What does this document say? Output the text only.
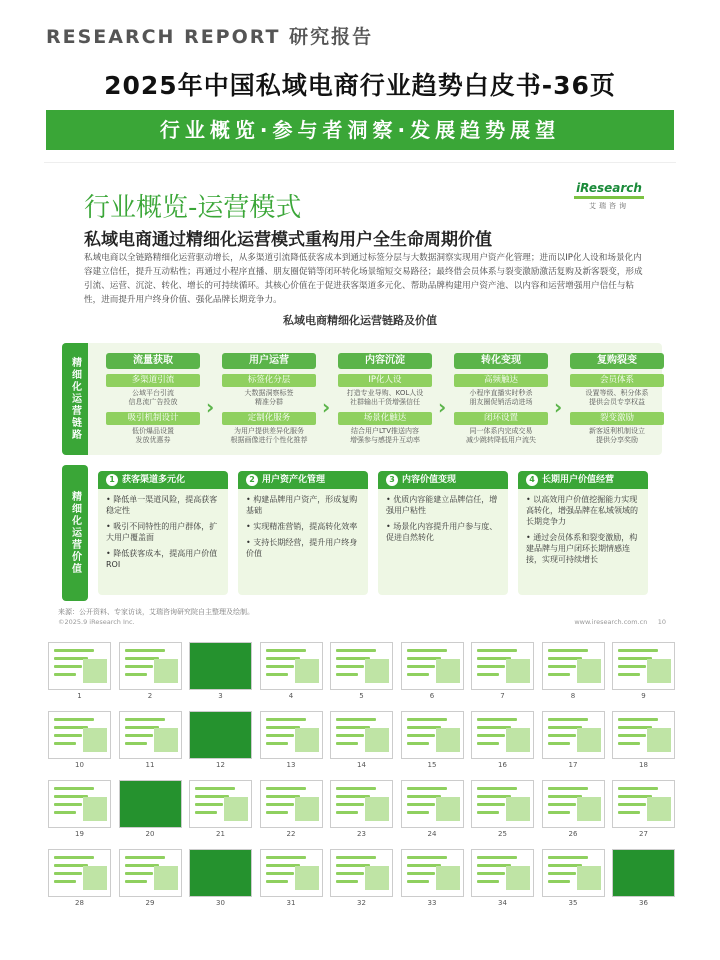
RESEARCH REPORT 研究报告
2025年中国私域电商行业趋势白皮书-36页
行业概览·参与者洞察·发展趋势展望
行业概览-运营模式
iResearch
艾瑞咨询
私域电商通过精细化运营模式重构用户全生命周期价值
私域电商以全链路精细化运营驱动增长，从多渠道引流降低获客成本到通过标签分层与大数据洞察实现用户资产化管理；进而以IP化人设和场景化内容建立信任，提升互动粘性；再通过小程序直播、朋友圈促销等闭环转化场景缩短交易路径；最终借会员体系与裂变激励激活复购及新客裂变，形成引流、运营、沉淀、转化、增长的可持续循环。其核心价值在于促进获客渠道多元化、帮助品牌构建用户资产池、以内容和运营增强用户信任与粘性，进而提升用户终身价值、强化品牌长期竞争力。
私域电商精细化运营链路及价值
精细化运营链路	流量获取
多渠道引流
公域平台引流
信息流广告投放
吸引机制设计
低价爆品设置
发放优惠券
›
用户运营
标签化分层
大数据洞察标签
精准分群
定制化服务
为用户提供差异化服务
根据画像进行个性化推荐
›
内容沉淀
IP化人设
打造专业导购、KOL人设
社群输出干货增强信任
场景化触达
结合用户LTV推送内容
增强参与感提升互动率
›
转化变现
高频触达
小程序直播实时秒杀
朋友圈促销活动进场
闭环设置
同一体系内完成交易
减少跳转降低用户流失
›
复购裂变
会员体系
设置等级、积分体系
提供会员专享权益
裂变激励
新客返利机制设立
提供分享奖励
精细化运营价值
1 获客渠道多元化
• 降低单一渠道风险，提高获客稳定性
• 吸引不同特性的用户群体，扩大用户覆盖面
• 降低获客成本，提高用户价值ROI
2 用户资产化管理
• 构建品牌用户资产，形成复购基础
• 实现精准营销，提高转化效率
• 支持长期经营，提升用户终身价值
3 内容价值变现
• 优质内容能建立品牌信任，增强用户粘性
• 场景化内容提升用户参与度、促进自然转化
4 长期用户价值经营
• 以高效用户价值挖掘能力实现高转化，增强品牌在私域领域的长期竞争力
• 通过会员体系和裂变激励，构建品牌与用户闭环长期情感连接，实现可持续增长
来源：公开资料、专家访谈，艾瑞咨询研究院自主整理及绘制。
©2025.9 iResearch Inc.	www.iresearch.com.cn 10
1	2	3	4	5	6	7	8	9
10	11	12	13	14	15	16	17	18
19	20	21	22	23	24	25	26	27
28	29	30	31	32	33	34	35	36
